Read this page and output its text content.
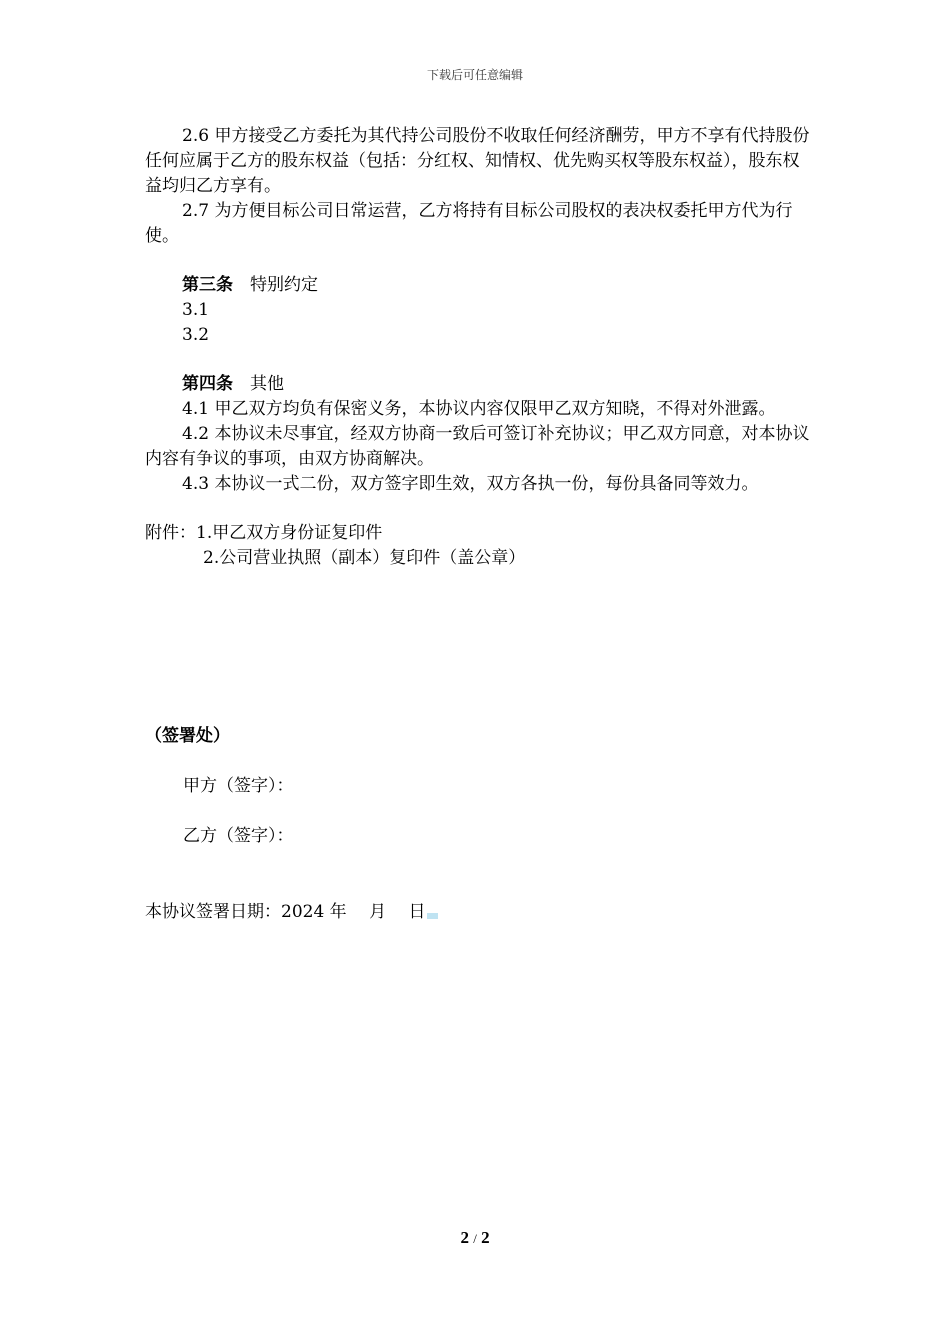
下载后可任意编辑

2.6 甲方接受乙方委托为其代持公司股份不收取任何经济酬劳，甲方不享有代持股份任何应属于乙方的股东权益（包括：分红权、知情权、优先购买权等股东权益），股东权益均归乙方享有。

2.7 为方便目标公司日常运营，乙方将持有目标公司股权的表决权委托甲方代为行使。

第三条　 特别约定

3.1

3.2

第四条　 其他

4.1 甲乙双方均负有保密义务，本协议内容仅限甲乙双方知晓，不得对外泄露。

4.2 本协议未尽事宜，经双方协商一致后可签订补充协议；甲乙双方同意，对本协议内容有争议的事项，由双方协商解决。

4.3 本协议一式二份，双方签字即生效，双方各执一份，每份具备同等效力。

附件：1.甲乙双方身份证复印件

2.公司营业执照（副本）复印件（盖公章）

（签署处）
甲方（签字）：
乙方（签字）：
本协议签署日期：2024 年　 月　 日
2 / 2
